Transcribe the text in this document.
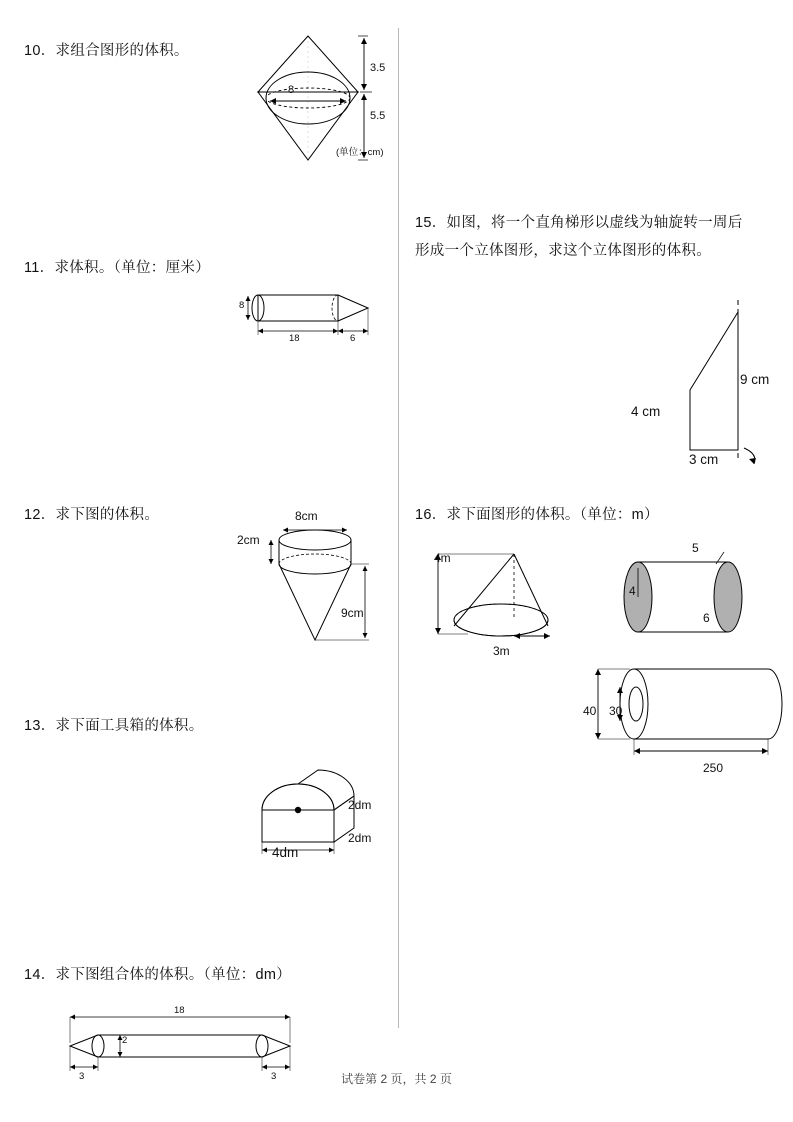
10．求组合图形的体积。
3.5
8
5.5
(单位：cm)
11．求体积。（单位：厘米）
8
18	6
12．求下图的体积。	8cm
2cm
9cm
13．求下面工具箱的体积。
2dm
2dm
4dm
14．求下图组合体的体积。（单位：dm）
18
2
3	3
15．如图，将一个直角梯形以虚线为轴旋转一周后形成一个立体图形，求这个立体图形的体积。
9 cm
4 cm
3 cm
16．求下面图形的体积。（单位：m）
4m
3m
5
4
6
40 30
250
试卷第 2 页，共 2 页
